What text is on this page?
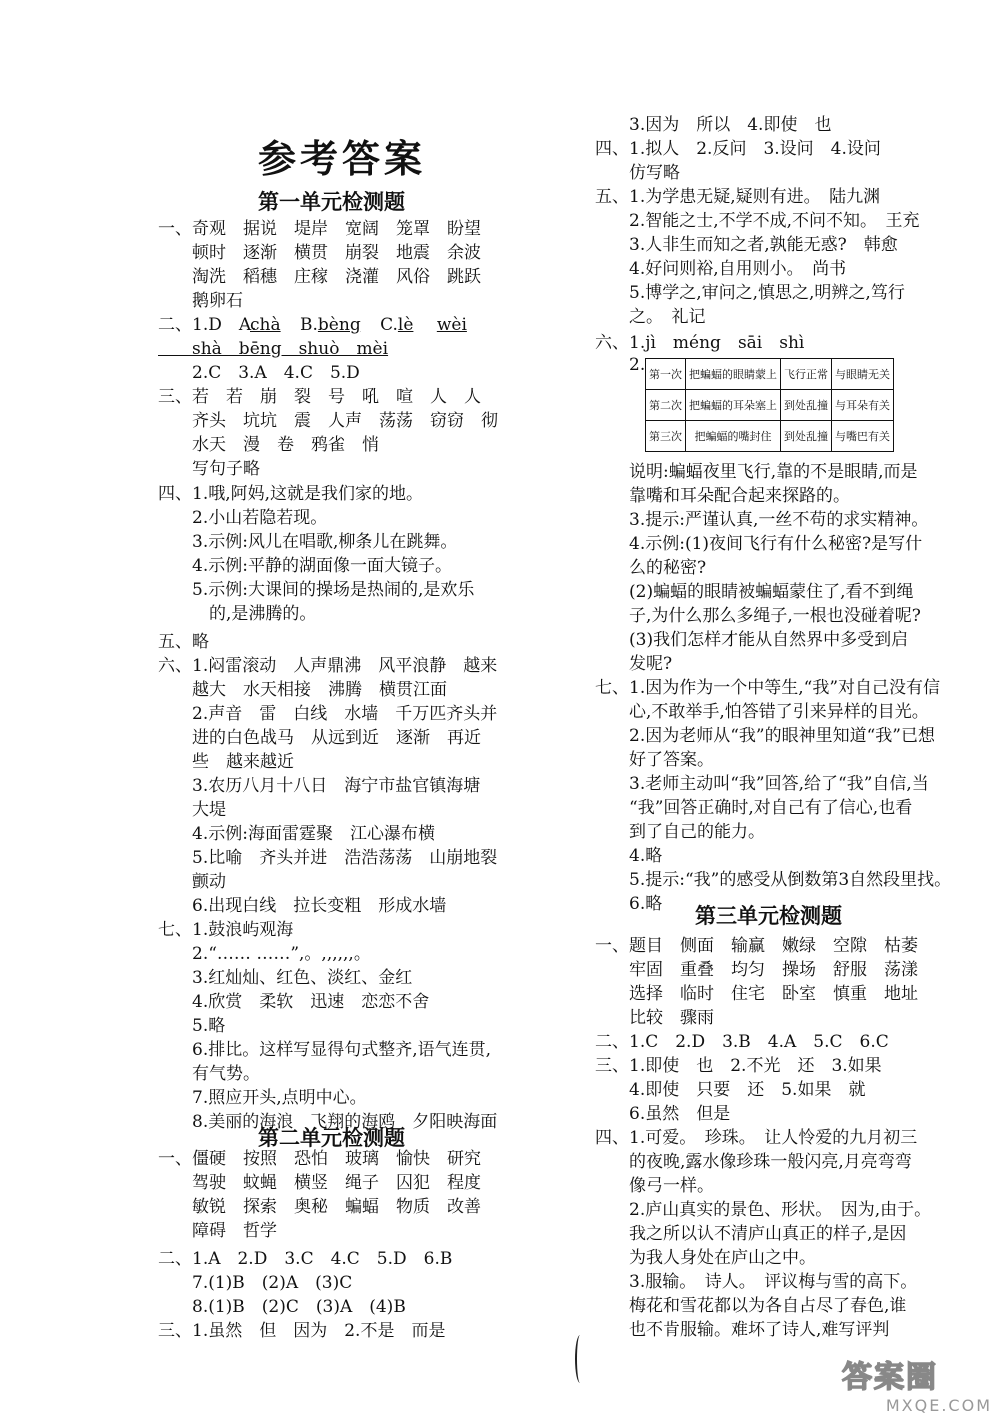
参考答案
第一单元检测题
一、奇观　据说　堤岸　宽阔　笼罩　盼望
　　顿时　逐渐　横贯　崩裂　地震　余波
　　淘洗　稻穗　庄稼　浇灌　风俗　跳跃
　　鹅卵石
二、1.D　A.
　　shà　bēng　shuò　mèi
　　2.C　3.A　4.C　5.D
三、若　若　崩　裂　号　吼　喧　人　人
　　齐头　坑坑　震　人声　荡荡　窃窃　彻
　　水天　漫　卷　鸦雀　悄
　　写句子略
四、1.哦,阿妈,这就是我们家的地。
　　2.小山若隐若现。
　　3.示例:风儿在唱歌,柳条儿在跳舞。
　　4.示例:平静的湖面像一面大镜子。
　　5.示例:大课间的操场是热闹的,是欢乐
　　　的,是沸腾的。
五、略
六、1.闷雷滚动　人声鼎沸　风平浪静　越来
　　越大　水天相接　沸腾　横贯江面
　　2.声音　雷　白线　水墙　千万匹齐头并
　　进的白色战马　从远到近　逐渐　再近
　　些　越来越近
　　3.农历八月十八日　海宁市盐官镇海塘
　　大堤
　　4.示例:海面雷霆聚　江心瀑布横
　　5.比喻　齐头并进　浩浩荡荡　山崩地裂
　　颤动
　　6.出现白线　拉长变粗　形成水墙
七、1.鼓浪屿观海
　　2.“…… ……”,。,,,,,,。
　　3.红灿灿、红色、淡红、金红
　　4.欣赏　柔软　迅速　恋恋不舍
　　5.略
　　6.排比。这样写显得句式整齐,语气连贯,
　　有气势。
　　7.照应开头,点明中心。
　　8.美丽的海浪　飞翔的海鸥　夕阳映海面
一、僵硬　按照　恐怕　玻璃　愉快　研究
　　驾驶　蚊蝇　横竖　绳子　囚犯　程度
　　敏锐　探索　奥秘　蝙蝠　物质　改善
　　障碍　哲学
二、1.A　2.D　3.C　4.C　5.D　6.B
　　7.(1)B　(2)A　(3)C
　　8.(1)B　(2)C　(3)A　(4)B
三、1.虽然　但　因为　2.不是　而是
chà B.bèng C.lè wèi
第二单元检测题
　　3.因为　所以　4.即使　也
四、1.拟人　2.反问　3.设问　4.设问
　　仿写略
五、1.为学患无疑,疑则有进。　陆九渊
　　2.智能之士,不学不成,不问不知。　王充
　　3.人非生而知之者,孰能无惑?　韩愈
　　4.好问则裕,自用则小。　尚书
　　5.博学之,审问之,慎思之,明辨之,笃行
　　之。　礼记
六、1.jì　méng　sāi　shì
　　2.
　　说明:蝙蝠夜里飞行,靠的不是眼睛,而是
　　靠嘴和耳朵配合起来探路的。
　　3.提示:严谨认真,一丝不苟的求实精神。
　　4.示例:(1)夜间飞行有什么秘密?是写什
　　么的秘密?
　　(2)蝙蝠的眼睛被蝙蝠蒙住了,看不到绳
　　子,为什么那么多绳子,一根也没碰着呢?
　　(3)我们怎样才能从自然界中多受到启
　　发呢?
七、1.因为作为一个中等生,“我”对自己没有信
　　心,不敢举手,怕答错了引来异样的目光。
　　2.因为老师从“我”的眼神里知道“我”已想
　　好了答案。
　　3.老师主动叫“我”回答,给了“我”自信,当
　　“我”回答正确时,对自己有了信心,也看
　　到了自己的能力。
　　4.略
　　5.提示:“我”的感受从倒数第3自然段里找。
　　6.略
一、题目　侧面　输赢　嫩绿　空隙　枯萎
　　牢固　重叠　均匀　操场　舒服　荡漾
　　选择　临时　住宅　卧室　慎重　地址
　　比较　骤雨
二、1.C　2.D　3.B　4.A　5.C　6.C
三、1.即使　也　2.不光　还　3.如果
　　4.即使　只要　还　5.如果　就
　　6.虽然　但是
四、1.可爱。　珍珠。　让人怜爱的九月初三
　　的夜晚,露水像珍珠一般闪亮,月亮弯弯
　　像弓一样。
　　2.庐山真实的景色、形状。　因为,由于。
　　我之所以认不清庐山真正的样子,是因
　　为我人身处在庐山之中。
　　3.服输。　诗人。　评议梅与雪的高下。
　　梅花和雪花都以为各自占尽了春色,谁
　　也不肯服输。难坏了诗人,难写评判
第一次	把蝙蝠的眼睛蒙上	飞行正常	与眼睛无关
第二次	把蝙蝠的耳朵塞上	到处乱撞	与耳朵有关
第三次	把蝙蝠的嘴封住	到处乱撞	与嘴巴有关
第三单元检测题
答案圈
MXQE.COM
